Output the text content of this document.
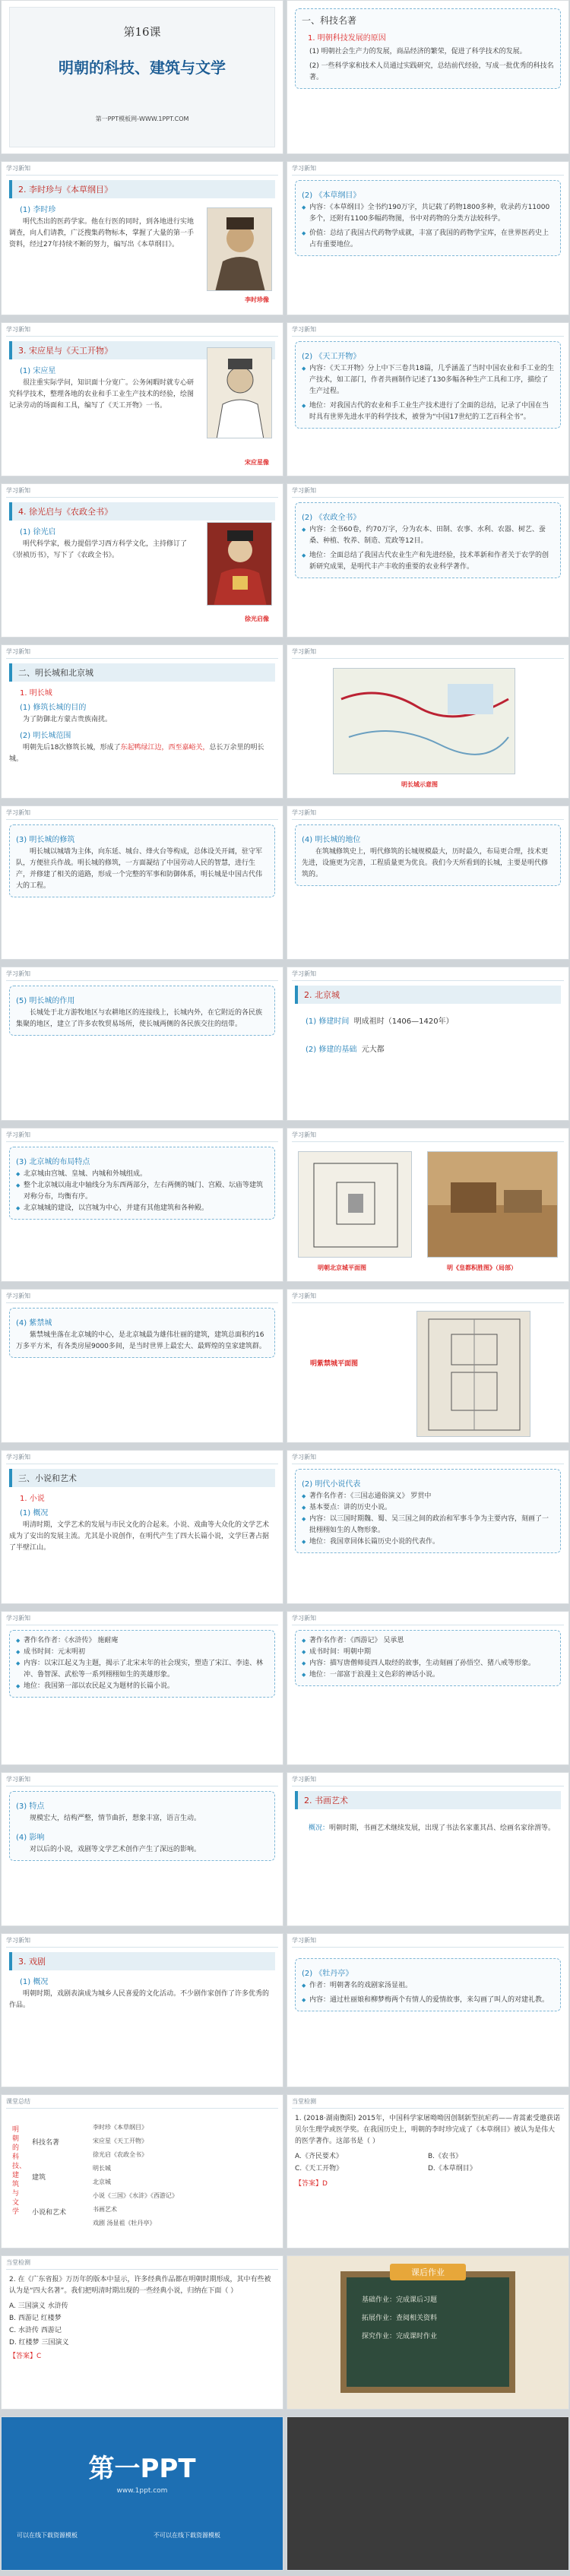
第16课
明朝的科技、建筑与文学
第一PPT模板网-WWW.1PPT.COM
一、科技名著
1. 明朝科技发展的原因
(1) 明朝社会生产力的发展，商品经济的繁荣，促进了科学技术的发展。
(2) 一些科学家和技术人员通过实践研究，总结前代经验，写成一批优秀的科技名著。
学习新知
2. 李时珍与《本草纲目》
(1) 李时珍
明代杰出的医药学家。他在行医的同时，到各地进行实地调查，向人们请教，广泛搜集药物标本，掌握了大量的第一手资料，经过27年持续不断的努力，编写出《本草纲目》。
李时珍像
学习新知
(2) 《本草纲目》
◆ 内容：《本草纲目》全书约190万字，共记载了药物1800多种，收录药方11000多个，还附有1100多幅药物图，书中对药物的分类方法较科学。
◆ 价值：总结了我国古代药物学成就，丰富了我国的药物学宝库，在世界医药史上占有重要地位。
学习新知
3. 宋应星与《天工开物》
(1) 宋应星
很注重实际学问，知识面十分宽广。公务闲暇时就专心研究科学技术，整理各地的农业和手工业生产技术的经验，绘图记录劳动的场面和工具，编写了《天工开物》一书。
宋应星像
学习新知
(2) 《天工开物》
◆ 内容：《天工开物》分上中下三卷共18篇，几乎涵盖了当时中国农业和手工业的生产技术，如工部门，作者共画制作记述了130多幅各种生产工具和工序，描绘了生产过程。
◆ 地位：对我国古代的农业和手工业生产技术进行了全面的总结，记录了中国在当时具有世界先进水平的科学技术，被誉为“中国17世纪的工艺百科全书”。
学习新知
4. 徐光启与《农政全书》
(1) 徐光启
明代科学家，极力提倡学习西方科学文化，主持修订了《崇祯历书》，写下了《农政全书》。
徐光启像
学习新知
(2) 《农政全书》
◆ 内容：全书60卷，约70万字，分为农本、田制、农事、水利、农器、树艺、蚕桑、种植、牧养、制造、荒政等12目。
◆ 地位：全面总结了我国古代农业生产和先进经验，技术革新和作者关于农学的创新研究成果，是明代丰产丰收的重要的农业科学著作。
学习新知
二、明长城和北京城
1. 明长城
(1) 修筑长城的目的
为了防御北方蒙古贵族南扰。
(2) 明长城范围
明朝先后18次修筑长城，形成了东起鸭绿江边，西至嘉峪关，总长万余里的明长城。
学习新知
明长城示意图
学习新知
(3) 明长城的修筑
明长城以城墙为主体，向东延、城台、烽火台等构成，总体设关开阔，驻守军队，方便驻兵作战。明长城的修筑，一方面凝结了中国劳动人民的智慧，进行生产，并修建了相关的道路，形成一个完整的军事和防御体系，明长城是中国古代伟大的工程。
学习新知
(4) 明长城的地位
在筑城修筑史上，明代修筑的长城规模最大，历时最久，布局更合理，技术更先进，设施更为完善，工程质量更为优良。我们今天所看到的长城，主要是明代修筑的。
学习新知
(5) 明长城的作用
长城处于北方游牧地区与农耕地区的连接线上，长城内外，在它附近的各民族集聚的地区，建立了许多农牧贸易场所，使长城两侧的各民族交往的纽带。
学习新知
2. 北京城
(1) 修建时间 明成祖时（1406—1420年）
(2) 修建的基础 元大都
学习新知
(3) 北京城的布局特点
◆ 北京城由宫城、皇城、内城和外城组成。
◆ 整个北京城以南北中轴线分为东西两部分，左右两侧的城门、宫殿、坛庙等建筑对称分布，均衡有序。
◆ 北京城城的建设，以宫城为中心，并建有其他建筑和各种殿。
学习新知
明朝北京城平面图	明《皇都积胜图》（局部）
学习新知
(4) 紫禁城
紫禁城坐落在北京城的中心，是北京城最为雄伟壮丽的建筑，建筑总面积约16万多平方米，有各类房屋9000多间，是当时世界上最宏大、最辉煌的皇家建筑群。
学习新知
明紫禁城平面图
学习新知
三、小说和艺术
1. 小说
(1) 概况
明清时期，文学艺术的发展与市民文化的合起来。小说、戏曲等大众化的文学艺术成为了安出的发展主流。尤其是小说创作，在明代产生了四大长篇小说，文学巨著占据了半壁江山。
学习新知
(2) 明代小说代表
◆ 著作名作者：《三国志通俗演义》 罗贯中
◆ 基本要点：讲的历史小说。
◆ 内容：以三国时期魏、蜀、吴三国之间的政治和军事斗争为主要内容，刻画了一批栩栩如生的人物形象。
◆ 地位：我国章回体长篇历史小说的代表作。
学习新知
◆ 著作名作者：《水浒传》 施耐庵
◆ 成书时间：元末明初
◆ 内容：以宋江起义为主题，揭示了北宋末年的社会现实，塑造了宋江、李逵、林冲、鲁智深、武松等一系列栩栩如生的英雄形象。
◆ 地位：我国第一部以农民起义为题材的长篇小说。
学习新知
◆ 著作名作者：《西游记》 吴承恩
◆ 成书时间：明朝中期
◆ 内容：描写唐僧师徒四人取经的故事，生动刻画了孙悟空、猪八戒等形象。
◆ 地位：一部富于浪漫主义色彩的神话小说。
学习新知
(3) 特点
规模宏大，结构严整，情节曲折，想象丰富，语言生动。
(4) 影响
对以后的小说，戏剧等文学艺术创作产生了深远的影响。
学习新知
2. 书画艺术
概况：明朝时期，书画艺术继续发展，出现了书法名家董其昌、绘画名家徐渭等。
学习新知
3. 戏剧
(1) 概况
明朝时期，戏剧表演成为城乡人民喜爱的文化活动。不少剧作家创作了许多优秀的作品。
学习新知
(2) 《牡丹亭》
◆ 作者：明朝著名的戏剧家汤显祖。
◆ 内容：通过杜丽娘和柳梦梅两个有情人的爱情故事，来勾画了叫人的对建礼教。
课堂总结
明朝的科技、建筑与文学
科技名著
建筑
小说和艺术
李时珍《本草纲目》
宋应星《天工开物》
徐光启《农政全书》
明长城
北京城
小说《三国》《水浒》《西游记》
书画艺术
戏剧 汤显祖《牡丹亭》
当堂检测
1. (2018·湖南衡阳) 2015年，中国科学家屠呦呦因创制新型抗疟药——青蒿素受邀获诺贝尔生理学或医学奖。在我国历史上，明朝的李时珍完成了《本草纲目》被认为是伟大的医学著作。这部书是（ ）
A.《齐民要术》	B.《农书》
C.《天工开物》	D.《本草纲目》
【答案】D
当堂检测
2. 在《广东省报》万历年的版本中显示，许多经典作品都在明朝时期形成，其中有些被认为是“四大名著”。我们把明清时期出现的一些经典小说，归纳在下面（ ）
A. 三国演义 水浒传
B. 西游记 红楼梦
C. 水浒传 西游记
D. 红楼梦 三国演义
【答案】C
课后作业
基础作业：完成课后习题
拓展作业：查阅相关资料
探究作业：完成课时作业
第一PPT
www.1ppt.com
可以在线下载资源模板	不可以在线下载资源模板
